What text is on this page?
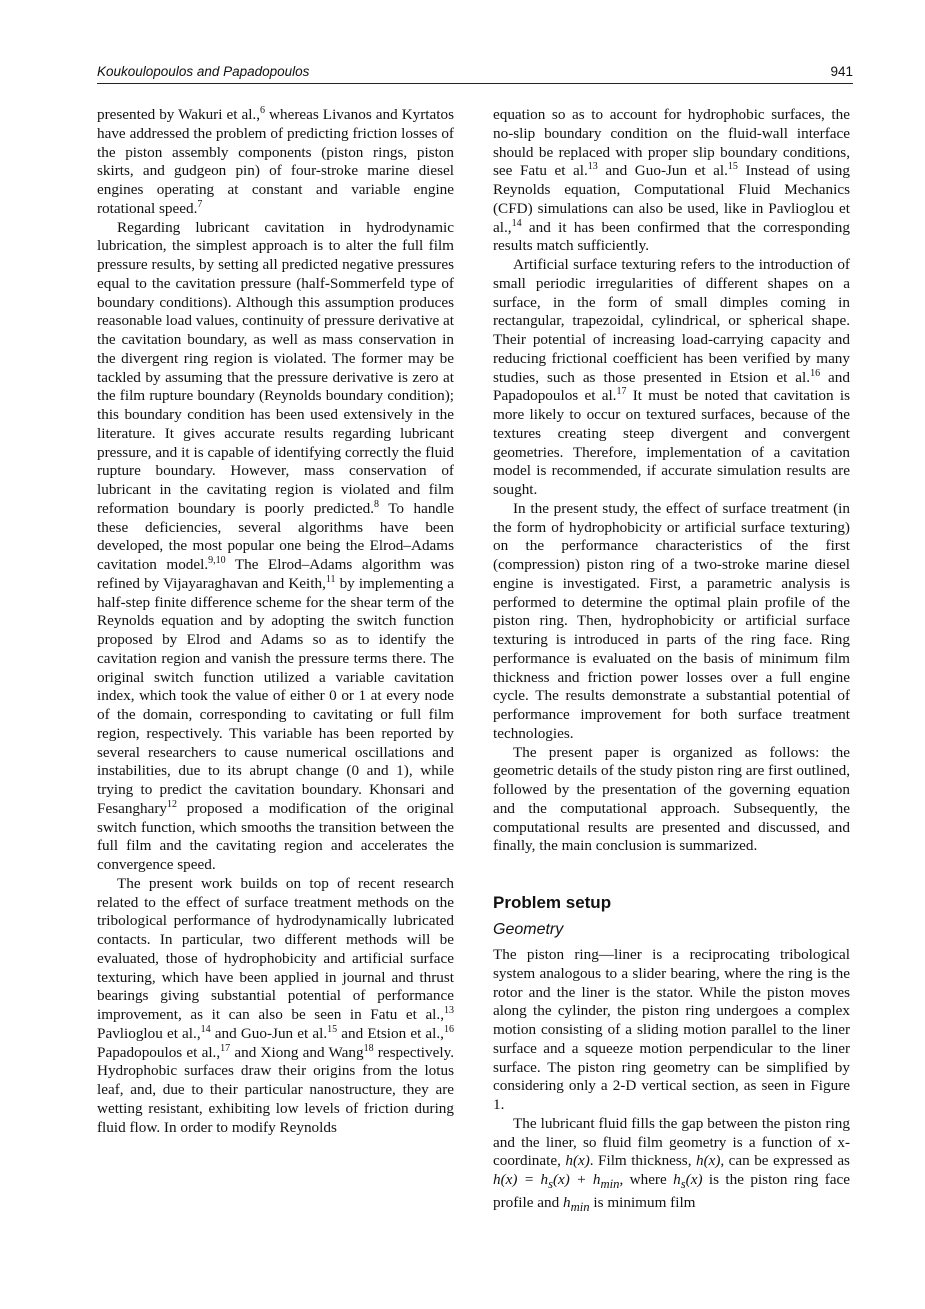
Koukoulopoulos and Papadopoulos	941

presented by Wakuri et al.,$^6$ whereas Livanos and Kyrtatos have addressed the problem of predicting friction losses of the piston assembly components (piston rings, piston skirts, and gudgeon pin) of four-stroke marine diesel engines operating at constant and variable engine rotational speed.$^7$

Regarding lubricant cavitation in hydrodynamic lubrication, the simplest approach is to alter the full film pressure results, by setting all predicted negative pressures equal to the cavitation pressure (half-Sommerfeld type of boundary conditions). Although this assumption produces reasonable load values, continuity of pressure derivative at the cavitation boundary, as well as mass conservation in the divergent ring region is violated. The former may be tackled by assuming that the pressure derivative is zero at the film rupture boundary (Reynolds boundary condition); this boundary condition has been used extensively in the literature. It gives accurate results regarding lubricant pressure, and it is capable of identifying correctly the fluid rupture boundary. However, mass conservation of lubricant in the cavitating region is violated and film reformation boundary is poorly predicted.$^8$ To handle these deficiencies, several algorithms have been developed, the most popular one being the Elrod–Adams cavitation model.$^{9,10}$ The Elrod–Adams algorithm was refined by Vijayaraghavan and Keith,$^{11}$ by implementing a half-step finite difference scheme for the shear term of the Reynolds equation and by adopting the switch function proposed by Elrod and Adams so as to identify the cavitation region and vanish the pressure terms there. The original switch function utilized a variable cavitation index, which took the value of either 0 or 1 at every node of the domain, corresponding to cavitating or full film region, respectively. This variable has been reported by several researchers to cause numerical oscillations and instabilities, due to its abrupt change (0 and 1), while trying to predict the cavitation boundary. Khonsari and Fesanghary$^{12}$ proposed a modification of the original switch function, which smooths the transition between the full film and the cavitating region and accelerates the convergence speed.

The present work builds on top of recent research related to the effect of surface treatment methods on the tribological performance of hydrodynamically lubricated contacts. In particular, two different methods will be evaluated, those of hydrophobicity and artificial surface texturing, which have been applied in journal and thrust bearings giving substantial potential of performance improvement, as it can also be seen in Fatu et al.,$^{13}$ Pavlioglou et al.,$^{14}$ and Guo-Jun et al.$^{15}$ and Etsion et al.,$^{16}$ Papadopoulos et al.,$^{17}$ and Xiong and Wang$^{18}$ respectively. Hydrophobic surfaces draw their origins from the lotus leaf, and, due to their particular nanostructure, they are wetting resistant, exhibiting low levels of friction during fluid flow. In order to modify Reynolds

equation so as to account for hydrophobic surfaces, the no-slip boundary condition on the fluid-wall interface should be replaced with proper slip boundary conditions, see Fatu et al.$^{13}$ and Guo-Jun et al.$^{15}$ Instead of using Reynolds equation, Computational Fluid Mechanics (CFD) simulations can also be used, like in Pavlioglou et al.,$^{14}$ and it has been confirmed that the corresponding results match sufficiently.

Artificial surface texturing refers to the introduction of small periodic irregularities of different shapes on a surface, in the form of small dimples coming in rectangular, trapezoidal, cylindrical, or spherical shape. Their potential of increasing load-carrying capacity and reducing frictional coefficient has been verified by many studies, such as those presented in Etsion et al.$^{16}$ and Papadopoulos et al.$^{17}$ It must be noted that cavitation is more likely to occur on textured surfaces, because of the textures creating steep divergent and convergent geometries. Therefore, implementation of a cavitation model is recommended, if accurate simulation results are sought.

In the present study, the effect of surface treatment (in the form of hydrophobicity or artificial surface texturing) on the performance characteristics of the first (compression) piston ring of a two-stroke marine diesel engine is investigated. First, a parametric analysis is performed to determine the optimal plain profile of the piston ring. Then, hydrophobicity or artificial surface texturing is introduced in parts of the ring face. Ring performance is evaluated on the basis of minimum film thickness and friction power losses over a full engine cycle. The results demonstrate a substantial potential of performance improvement for both surface treatment technologies.

The present paper is organized as follows: the geometric details of the study piston ring are first outlined, followed by the presentation of the governing equation and the computational approach. Subsequently, the computational results are presented and discussed, and finally, the main conclusion is summarized.

Problem setup
Geometry

The piston ring—liner is a reciprocating tribological system analogous to a slider bearing, where the ring is the rotor and the liner is the stator. While the piston moves along the cylinder, the piston ring undergoes a complex motion consisting of a sliding motion parallel to the liner surface and a squeeze motion perpendicular to the liner surface. The piston ring geometry can be simplified by considering only a 2-D vertical section, as seen in Figure 1.

The lubricant fluid fills the gap between the piston ring and the liner, so fluid film geometry is a function of x-coordinate, h(x). Film thickness, h(x), can be expressed as $h(x) = h_s(x) + h_{min}$, where $h_s(x)$ is the piston ring face profile and $h_{min}$ is minimum film
